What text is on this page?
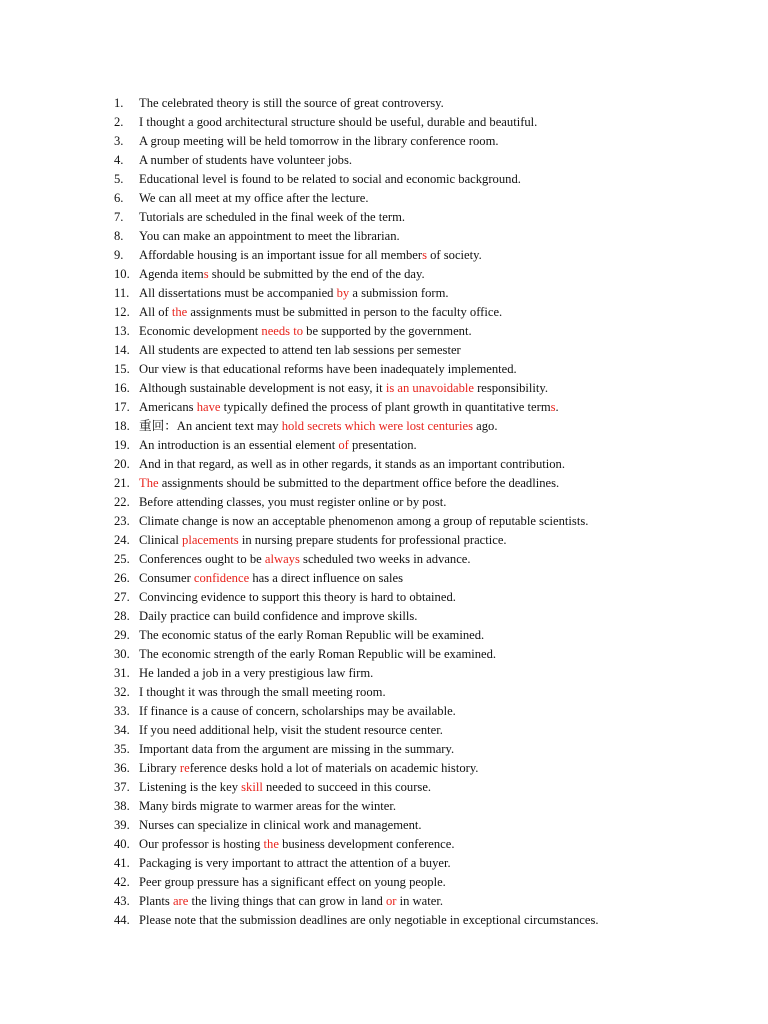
1.	The celebrated theory is still the source of great controversy.
2.	I thought a good architectural structure should be useful, durable and beautiful.
3.	A group meeting will be held tomorrow in the library conference room.
4.	A number of students have volunteer jobs.
5.	Educational level is found to be related to social and economic background.
6.	We can all meet at my office after the lecture.
7.	Tutorials are scheduled in the final week of the term.
8.	You can make an appointment to meet the librarian.
9.	Affordable housing is an important issue for all members of society.
10. Agenda items should be submitted by the end of the day.
11. All dissertations must be accompanied by a submission form.
12. All of the assignments must be submitted in person to the faculty office.
13. Economic development needs to be supported by the government.
14. All students are expected to attend ten lab sessions per semester
15. Our view is that educational reforms have been inadequately implemented.
16. Although sustainable development is not easy, it is an unavoidable responsibility.
17. Americans have typically defined the process of plant growth in quantitative terms.
18. 重回：An ancient text may hold secrets which were lost centuries ago.
19. An introduction is an essential element of presentation.
20. And in that regard, as well as in other regards, it stands as an important contribution.
21. The assignments should be submitted to the department office before the deadlines.
22. Before attending classes, you must register online or by post.
23. Climate change is now an acceptable phenomenon among a group of reputable scientists.
24. Clinical placements in nursing prepare students for professional practice.
25. Conferences ought to be always scheduled two weeks in advance.
26. Consumer confidence has a direct influence on sales
27. Convincing evidence to support this theory is hard to obtained.
28. Daily practice can build confidence and improve skills.
29. The economic status of the early Roman Republic will be examined.
30. The economic strength of the early Roman Republic will be examined.
31. He landed a job in a very prestigious law firm.
32. I thought it was through the small meeting room.
33. If finance is a cause of concern, scholarships may be available.
34. If you need additional help, visit the student resource center.
35. Important data from the argument are missing in the summary.
36. Library reference desks hold a lot of materials on academic history.
37. Listening is the key skill needed to succeed in this course.
38. Many birds migrate to warmer areas for the winter.
39. Nurses can specialize in clinical work and management.
40. Our professor is hosting the business development conference.
41. Packaging is very important to attract the attention of a buyer.
42. Peer group pressure has a significant effect on young people.
43. Plants are the living things that can grow in land or in water.
44. Please note that the submission deadlines are only negotiable in exceptional circumstances.
